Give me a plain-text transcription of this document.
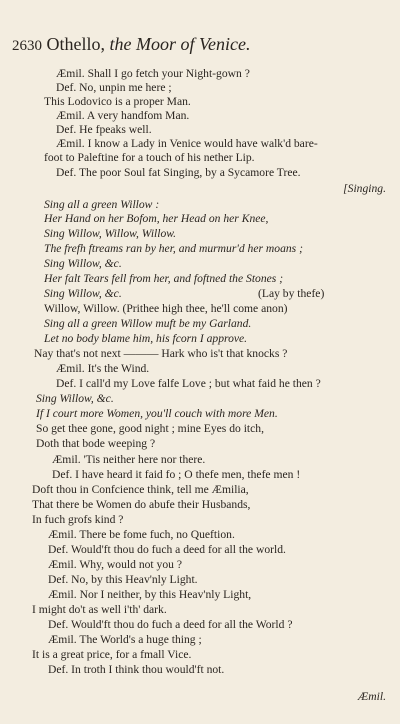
2630 Othello, the Moor of Venice.
Æmil. Shall I go fetch your Night-gown ?
Def. No, unpin me here ;
This Lodovico is a proper Man.
Æmil. A very handfom Man.
Def. He fpeaks well.
Æmil. I know a Lady in Venice would have walk'd bare-
foot to Paleftine for a touch of his nether Lip.
Def. The poor Soul fat Singing, by a Sycamore Tree.
[Singing.
Sing all a green Willow :
Her Hand on her Bofom, her Head on her Knee,
Sing Willow, Willow, Willow.
The frefh ftreams ran by her, and murmur'd her moans ;
Sing Willow, &c.
Her falt Tears fell from her, and foftned the Stones ;
Sing Willow, &c.	(Lay by thefe)
Willow, Willow. (Prithee high thee, he'll come anon)
Sing all a green Willow muft be my Garland.
Let no body blame him, his fcorn I approve.
Nay that's not next ——— Hark who is't that knocks ?
Æmil. It's the Wind.
Def. I call'd my Love falfe Love ; but what faid he then ?
Sing Willow, &c.
If I court more Women, you'll couch with more Men.
So get thee gone, good night ; mine Eyes do itch,
Doth that bode weeping ?
Æmil. 'Tis neither here nor there.
Def. I have heard it faid fo ; O thefe men, thefe men !
Doft thou in Confcience think, tell me Æmilia,
That there be Women do abufe their Husbands,
In fuch grofs kind ?
Æmil. There be fome fuch, no Queftion.
Def. Would'ft thou do fuch a deed for all the world.
Æmil. Why, would not you ?
Def. No, by this Heav'nly Light.
Æmil. Nor I neither, by this Heav'nly Light,
I might do't as well i'th' dark.
Def. Would'ft thou do fuch a deed for all the World ?
Æmil. The World's a huge thing ;
It is a great price, for a fmall Vice.
Def. In troth I think thou would'ft not.
Æmil.
